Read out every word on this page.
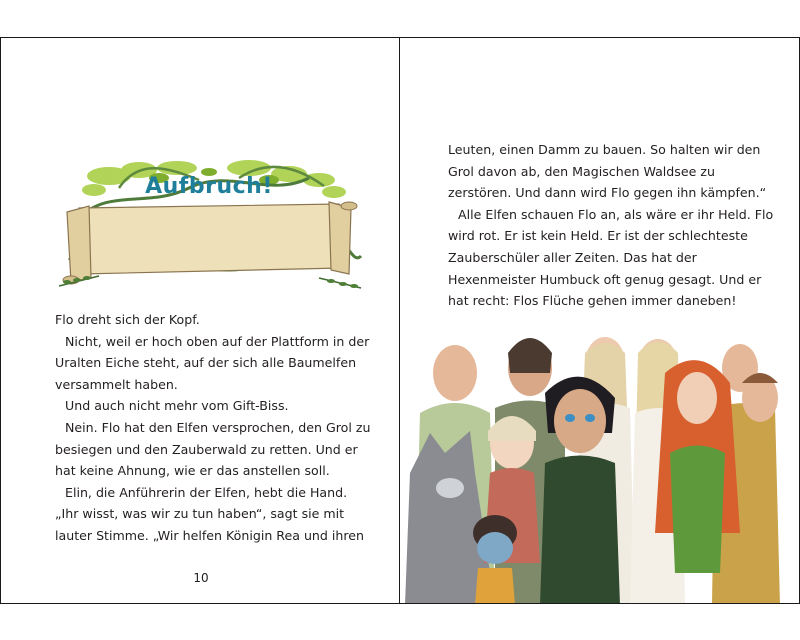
Aufbruch!

Flo dreht sich der Kopf.

Nicht, weil er hoch oben auf der Plattform in der Uralten Eiche steht, auf der sich alle Baumelfen versammelt haben.

Und auch nicht mehr vom Gift-Biss.

Nein. Flo hat den Elfen versprochen, den Grol zu besiegen und den Zauberwald zu retten. Und er hat keine Ahnung, wie er das anstellen soll.

Elin, die Anführerin der Elfen, hebt die Hand. „Ihr wisst, was wir zu tun haben“, sagt sie mit lauter Stimme. „Wir helfen Königin Rea und ihren

10

Leuten, einen Damm zu bauen. So halten wir den Grol davon ab, den Magischen Waldsee zu zerstören. Und dann wird Flo gegen ihn kämpfen.“

Alle Elfen schauen Flo an, als wäre er ihr Held. Flo wird rot. Er ist kein Held. Er ist der schlechteste Zauberschüler aller Zeiten. Das hat der Hexenmeister Humbuck oft genug gesagt. Und er hat recht: Flos Flüche gehen immer daneben!
